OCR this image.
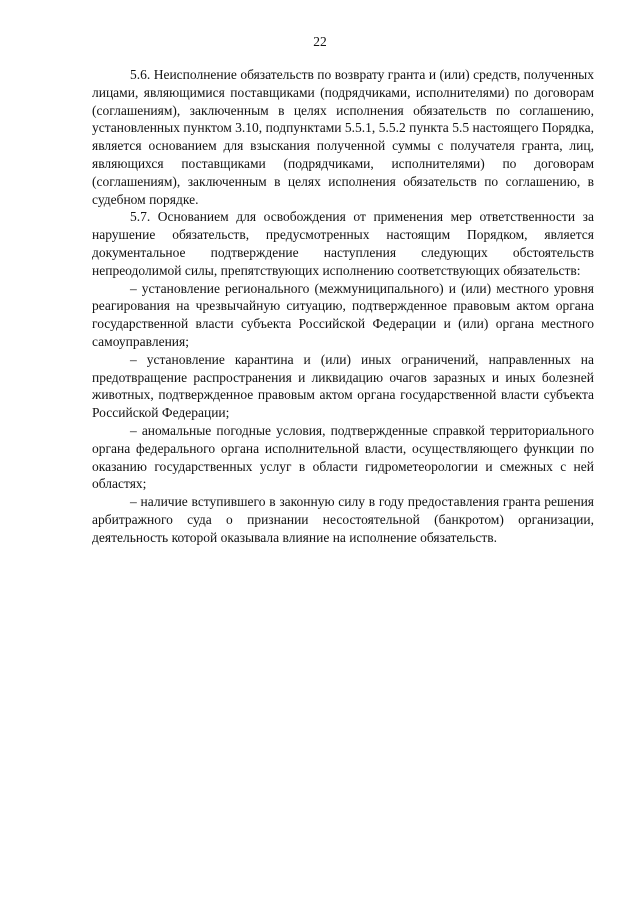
22

5.6. Неисполнение обязательств по возврату гранта и (или) средств, полученных лицами, являющимися поставщиками (подрядчиками, исполнителями) по договорам (соглашениям), заключенным в целях исполнения обязательств по соглашению, установленных пунктом 3.10, подпунктами 5.5.1, 5.5.2 пункта 5.5 настоящего Порядка, является основанием для взыскания полученной суммы с получателя гранта, лиц, являющихся поставщиками (подрядчиками, исполнителями) по договорам (соглашениям), заключенным в целях исполнения обязательств по соглашению, в судебном порядке.

5.7. Основанием для освобождения от применения мер ответственности за нарушение обязательств, предусмотренных настоящим Порядком, является документальное подтверждение наступления следующих обстоятельств непреодолимой силы, препятствующих исполнению соответствующих обязательств:

– установление регионального (межмуниципального) и (или) местного уровня реагирования на чрезвычайную ситуацию, подтвержденное правовым актом органа государственной власти субъекта Российской Федерации и (или) органа местного самоуправления;

– установление карантина и (или) иных ограничений, направленных на предотвращение распространения и ликвидацию очагов заразных и иных болезней животных, подтвержденное правовым актом органа государственной власти субъекта Российской Федерации;

– аномальные погодные условия, подтвержденные справкой территориального органа федерального органа исполнительной власти, осуществляющего функции по оказанию государственных услуг в области гидрометеорологии и смежных с ней областях;

– наличие вступившего в законную силу в году предоставления гранта решения арбитражного суда о признании несостоятельной (банкротом) организации, деятельность которой оказывала влияние на исполнение обязательств.
